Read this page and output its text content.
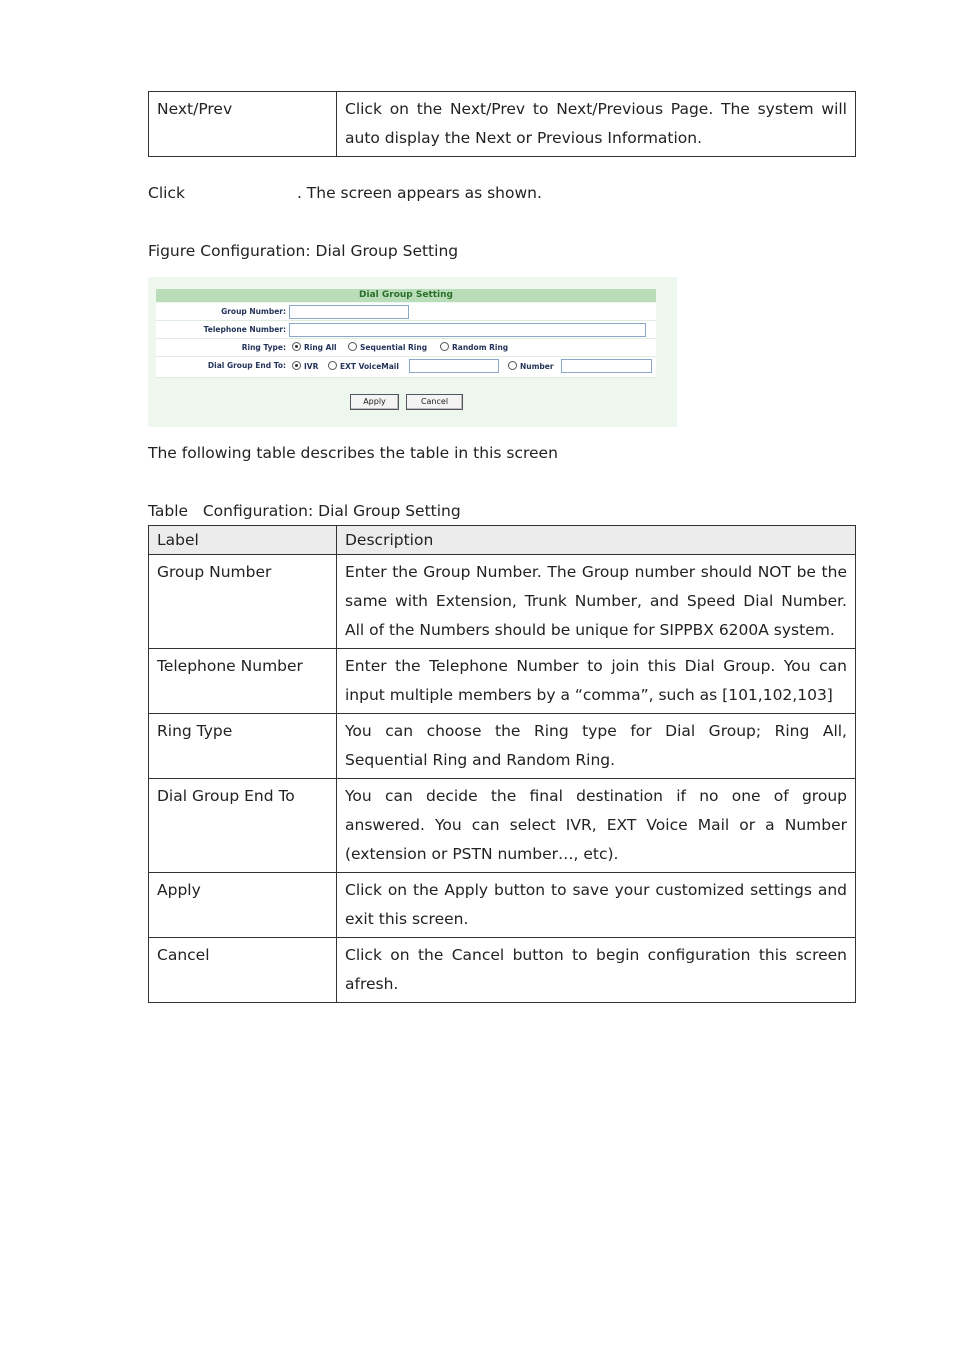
Next/Prev	Click on the Next/Prev to Next/Previous Page. The system will auto display the Next or Previous Information.
Click	. The screen appears as shown.
Figure Configuration: Dial Group Setting
Dial Group Setting
Group Number:
Telephone Number:
Ring Type:	Ring All	Sequential Ring	Random Ring
Dial Group End To:	IVR	EXT VoiceMail	Number
Apply	Cancel
The following table describes the table in this screen
Table   Configuration: Dial Group Setting
Label	Description
Group Number	Enter the Group Number. The Group number should NOT be the same with Extension, Trunk Number, and Speed Dial Number. All of the Numbers should be unique for SIPPBX 6200A system.
Telephone Number	Enter the Telephone Number to join this Dial Group. You can input multiple members by a “comma”, such as [101,102,103]
Ring Type	You can choose the Ring type for Dial Group; Ring All, Sequential Ring and Random Ring.
Dial Group End To	You can decide the final destination if no one of group answered. You can select IVR, EXT Voice Mail or a Number (extension or PSTN number…, etc).
Apply	Click on the Apply button to save your customized settings and exit this screen.
Cancel	Click on the Cancel button to begin configuration this screen afresh.
